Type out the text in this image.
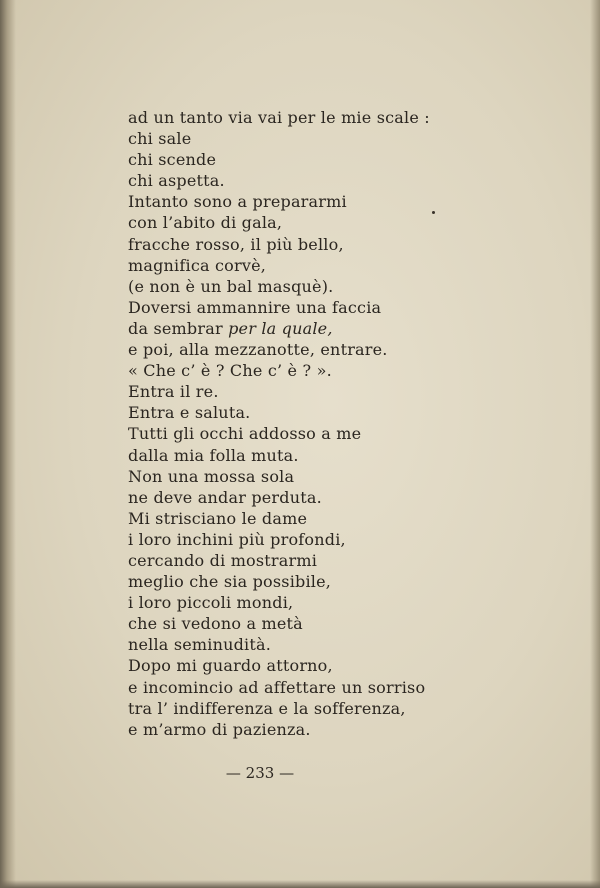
ad un tanto via vai per le mie scale :
chi sale
chi scende
chi aspetta.
Intanto sono a prepararmi
con l’abito di gala,
fracche rosso, il più bello,
magnifica corvè,
(e non è un bal masquè).
Doversi ammannire una faccia
da sembrar per la quale,
e poi, alla mezzanotte, entrare.
« Che c’ è ? Che c’ è ? ».
Entra il re.
Entra e saluta.
Tutti gli occhi addosso a me
dalla mia folla muta.
Non una mossa sola
ne deve andar perduta.
Mi strisciano le dame
i loro inchini più profondi,
cercando di mostrarmi
meglio che sia possibile,
i loro piccoli mondi,
che si vedono a metà
nella seminudità.
Dopo mi guardo attorno,
e incomincio ad affettare un sorriso
tra l’ indifferenza e la sofferenza,
e m’armo di pazienza.
— 233 —
